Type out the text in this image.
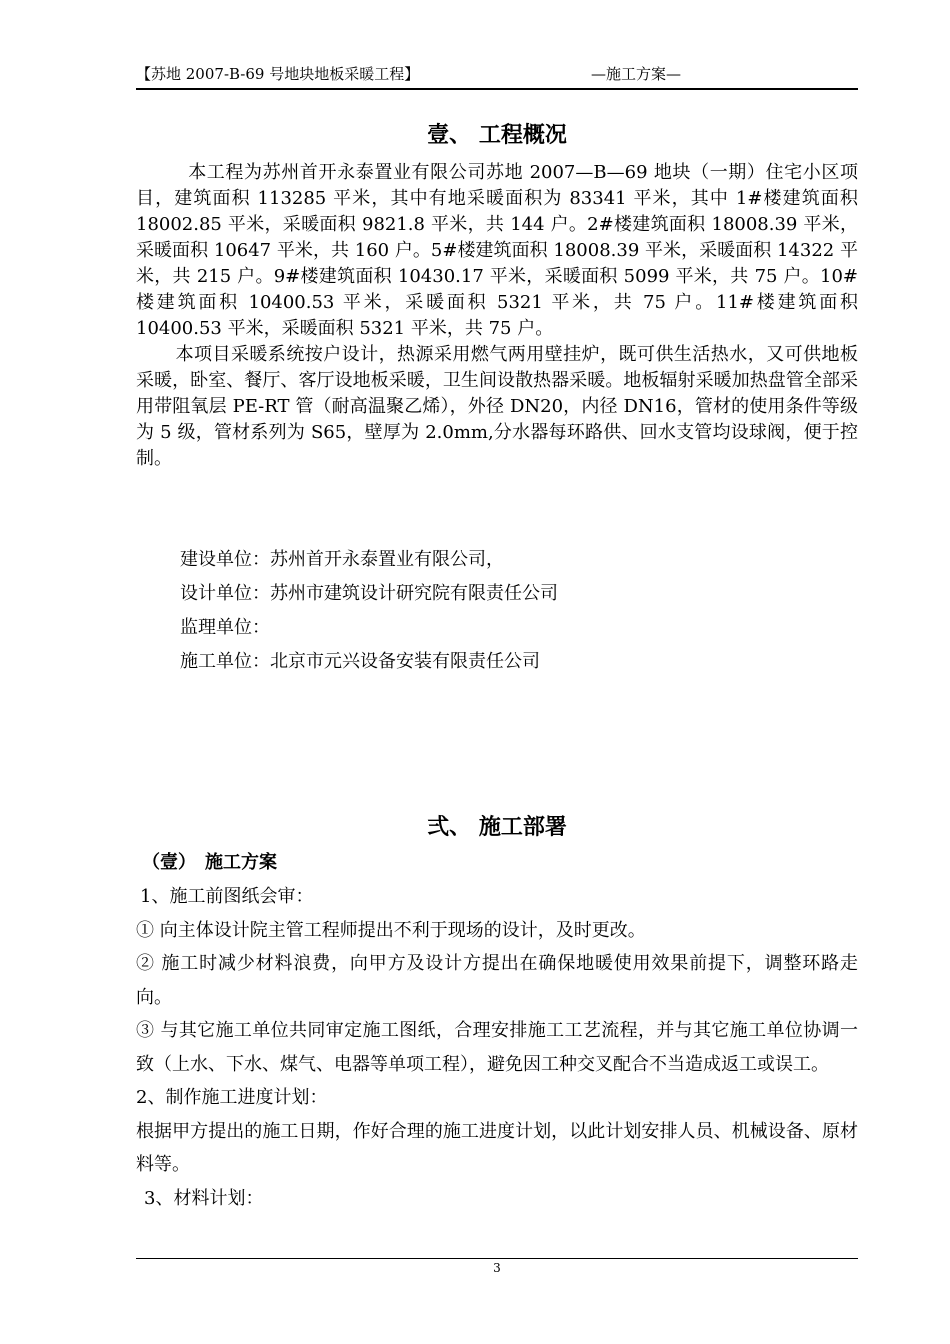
【苏地 2007-B-69 号地块地板采暖工程】	—施工方案—
壹、 工程概况

本工程为苏州首开永泰置业有限公司苏地 2007—B—69 地块（一期）住宅小区项目，建筑面积 113285 平米，其中有地采暖面积为 83341 平米，其中 1#楼建筑面积 18002.85 平米，采暖面积 9821.8 平米，共 144 户。2#楼建筑面积 18008.39 平米，采暖面积 10647 平米，共 160 户。5#楼建筑面积 18008.39 平米，采暖面积 14322 平米，共 215 户。9#楼建筑面积 10430.17 平米，采暖面积 5099 平米，共 75 户。10#楼建筑面积 10400.53 平米，采暖面积 5321 平米，共 75 户。11#楼建筑面积 10400.53 平米，采暖面积 5321 平米，共 75 户。

本项目采暖系统按户设计，热源采用燃气两用壁挂炉，既可供生活热水，又可供地板采暖，卧室、餐厅、客厅设地板采暖，卫生间设散热器采暖。地板辐射采暖加热盘管全部采用带阻氧层 PE-RT 管（耐高温聚乙烯），外径 DN20，内径 DN16，管材的使用条件等级为 5 级，管材系列为 S65，壁厚为 2.0mm,分水器每环路供、回水支管均设球阀，便于控制。

建设单位：苏州首开永泰置业有限公司，
设计单位：苏州市建筑设计研究院有限责任公司
监理单位：
施工单位：北京市元兴设备安装有限责任公司
弍、 施工部署
（壹）　施工方案
1、施工前图纸会审：
① 向主体设计院主管工程师提出不利于现场的设计，及时更改。
② 施工时减少材料浪费，向甲方及设计方提出在确保地暖使用效果前提下，调整环路走向。
③ 与其它施工单位共同审定施工图纸，合理安排施工工艺流程，并与其它施工单位协调一致（上水、下水、煤气、电器等单项工程），避免因工种交叉配合不当造成返工或误工。
2、制作施工进度计划：
根据甲方提出的施工日期，作好合理的施工进度计划，以此计划安排人员、机械设备、原材料等。
3、材料计划：
3
